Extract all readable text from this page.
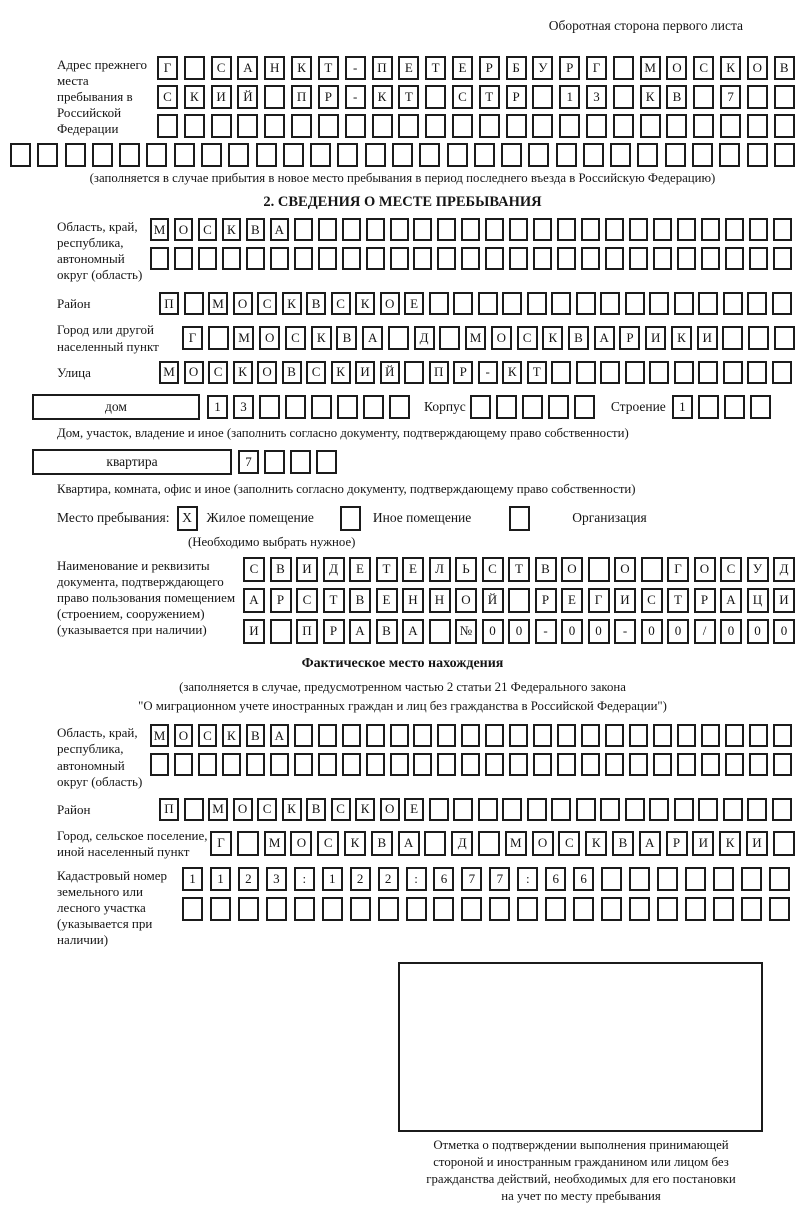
Оборотная сторона первого листа
Адрес прежнего места пребывания в Российской Федерации
Г	С	А	Н	К	Т	-	П	Е	Т	Е	Р	Б	У	Р	Г	М	О	С	К	О	В
С	К	И	Й	П	Р	-	К	Т	С	Т	Р	1	3	К	В	7
(заполняется в случае прибытия в новое место пребывания в период последнего въезда в Российскую Федерацию)
2. СВЕДЕНИЯ О МЕСТЕ ПРЕБЫВАНИЯ
Область, край, республика, автономный округ (область)
М	О	С	К	В	А
Район	П	М	О	С	К	В	С	К	О	Е
Город или другой населенный пункт
Г	М	О	С	К	В	А	Д	М	О	С	К	В	А	Р	И	К	И
Улица	М	О	С	К	О	В	С	К	И	Й	П	Р	-	К	Т
дом	1	3	Корпус	Строение	1
Дом, участок, владение и иное (заполнить согласно документу, подтверждающему право собственности)
квартира	7
Квартира, комната, офис и иное (заполнить согласно документу, подтверждающему право собственности)
Место пребывания: X	Жилое помещение	Иное помещение	Организация
(Необходимо выбрать нужное)
Наименование и реквизиты документа, подтверждающего право пользования помещением (строением, сооружением) (указывается при наличии)
С	В	И	Д	Е	Т	Е	Л	Ь	С	Т	В	О	О	Г	О	С	У	Д
А	Р	С	Т	В	Е	Н	Н	О	Й	Р	Е	Г	И	С	Т	Р	А	Ц	И
И	П	Р	А	В	А	№	0	0	-	0	0	-	0	0	/	0	0	0
Фактическое место нахождения
(заполняется в случае, предусмотренном частью 2 статьи 21 Федерального закона
"О миграционном учете иностранных граждан и лиц без гражданства в Российской Федерации")
Область, край, республика, автономный округ (область)
М	О	С	К	В	А
Район	П	М	О	С	К	В	С	К	О	Е
Город, сельское поселение, иной населенный пункт
Г	М	О	С	К	В	А	Д	М	О	С	К	В	А	Р	И	К	И
Кадастровый номер земельного или лесного участка (указывается при наличии)
1	1	2	3	:	1	2	2	:	6	7	7	:	6	6
Отметка о подтверждении выполнения принимающей
стороной и иностранным гражданином или лицом без
гражданства действий, необходимых для его постановки
на учет по месту пребывания
